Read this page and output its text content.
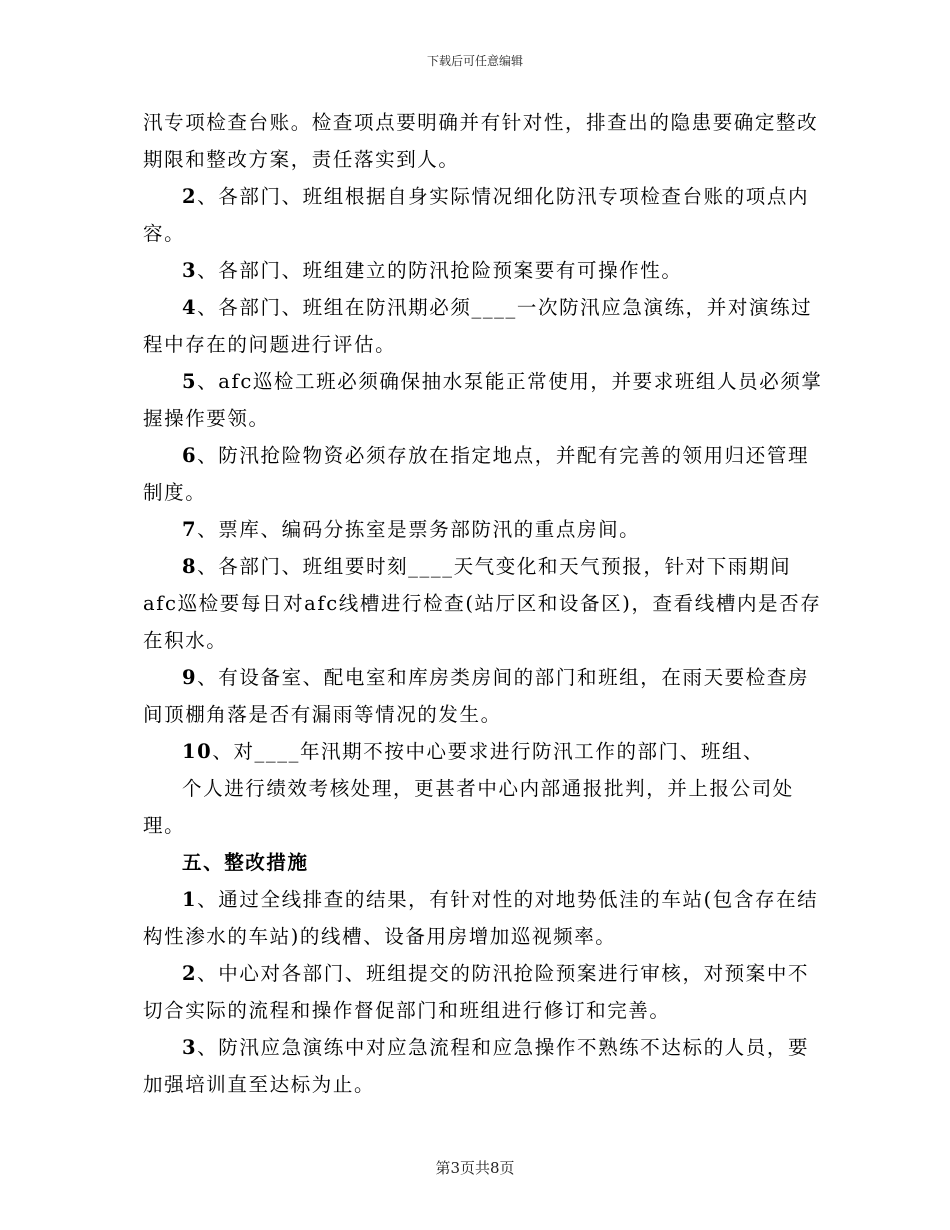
下载后可任意编辑

汛专项检查台账。检查项点要明确并有针对性，排查出的隐患要确定整改期限和整改方案，责任落实到人。

2、各部门、班组根据自身实际情况细化防汛专项检查台账的项点内容。

3、各部门、班组建立的防汛抢险预案要有可操作性。

4、各部门、班组在防汛期必须____一次防汛应急演练，并对演练过程中存在的问题进行评估。

5、afc巡检工班必须确保抽水泵能正常使用，并要求班组人员必须掌握操作要领。

6、防汛抢险物资必须存放在指定地点，并配有完善的领用归还管理制度。

7、票库、编码分拣室是票务部防汛的重点房间。

8、各部门、班组要时刻____天气变化和天气预报，针对下雨期间afc巡检要每日对afc线槽进行检查(站厅区和设备区)，查看线槽内是否存在积水。

9、有设备室、配电室和库房类房间的部门和班组，在雨天要检查房间顶棚角落是否有漏雨等情况的发生。

10、对____年汛期不按中心要求进行防汛工作的部门、班组、

个人进行绩效考核处理，更甚者中心内部通报批判，并上报公司处理。

五、整改措施

1、通过全线排查的结果，有针对性的对地势低洼的车站(包含存在结构性渗水的车站)的线槽、设备用房增加巡视频率。

2、中心对各部门、班组提交的防汛抢险预案进行审核，对预案中不切合实际的流程和操作督促部门和班组进行修订和完善。

3、防汛应急演练中对应急流程和应急操作不熟练不达标的人员，要加强培训直至达标为止。

第3页共8页
